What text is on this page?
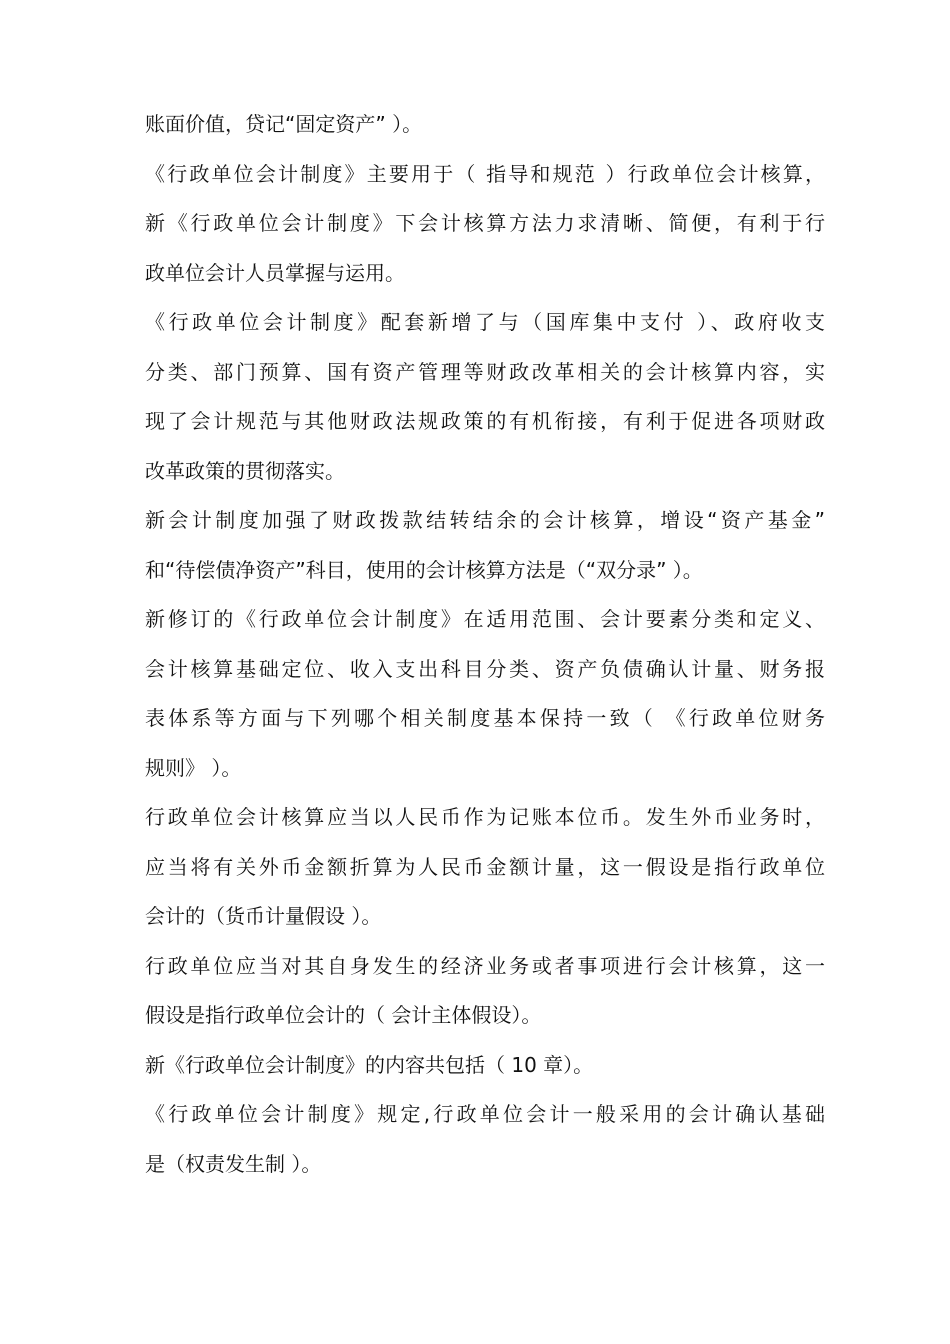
账面价值，贷记“固定资产” ）。
《行政单位会计制度》主要用于（ 指导和规范 ）行政单位会计核算，
新《行政单位会计制度》下会计核算方法力求清晰、简便，有利于行
政单位会计人员掌握与运用。
《行政单位会计制度》配套新增了与（国库集中支付 ）、政府收支
分类、部门预算、国有资产管理等财政改革相关的会计核算内容，实
现了会计规范与其他财政法规政策的有机衔接，有利于促进各项财政
改革政策的贯彻落实。
新会计制度加强了财政拨款结转结余的会计核算，增设“资产基金”
和“待偿债净资产”科目，使用的会计核算方法是（“双分录” ）。
新修订的《行政单位会计制度》在适用范围、会计要素分类和定义、
会计核算基础定位、收入支出科目分类、资产负债确认计量、财务报
表体系等方面与下列哪个相关制度基本保持一致（ 《行政单位财务
规则》 ）。
行政单位会计核算应当以人民币作为记账本位币。发生外币业务时，
应当将有关外币金额折算为人民币金额计量，这一假设是指行政单位
会计的（货币计量假设 ）。
行政单位应当对其自身发生的经济业务或者事项进行会计核算，这一
假设是指行政单位会计的（ 会计主体假设）。
新《行政单位会计制度》的内容共包括（ 10 章）。
《行政单位会计制度》规定,行政单位会计一般采用的会计确认基础
是（权责发生制 ）。
